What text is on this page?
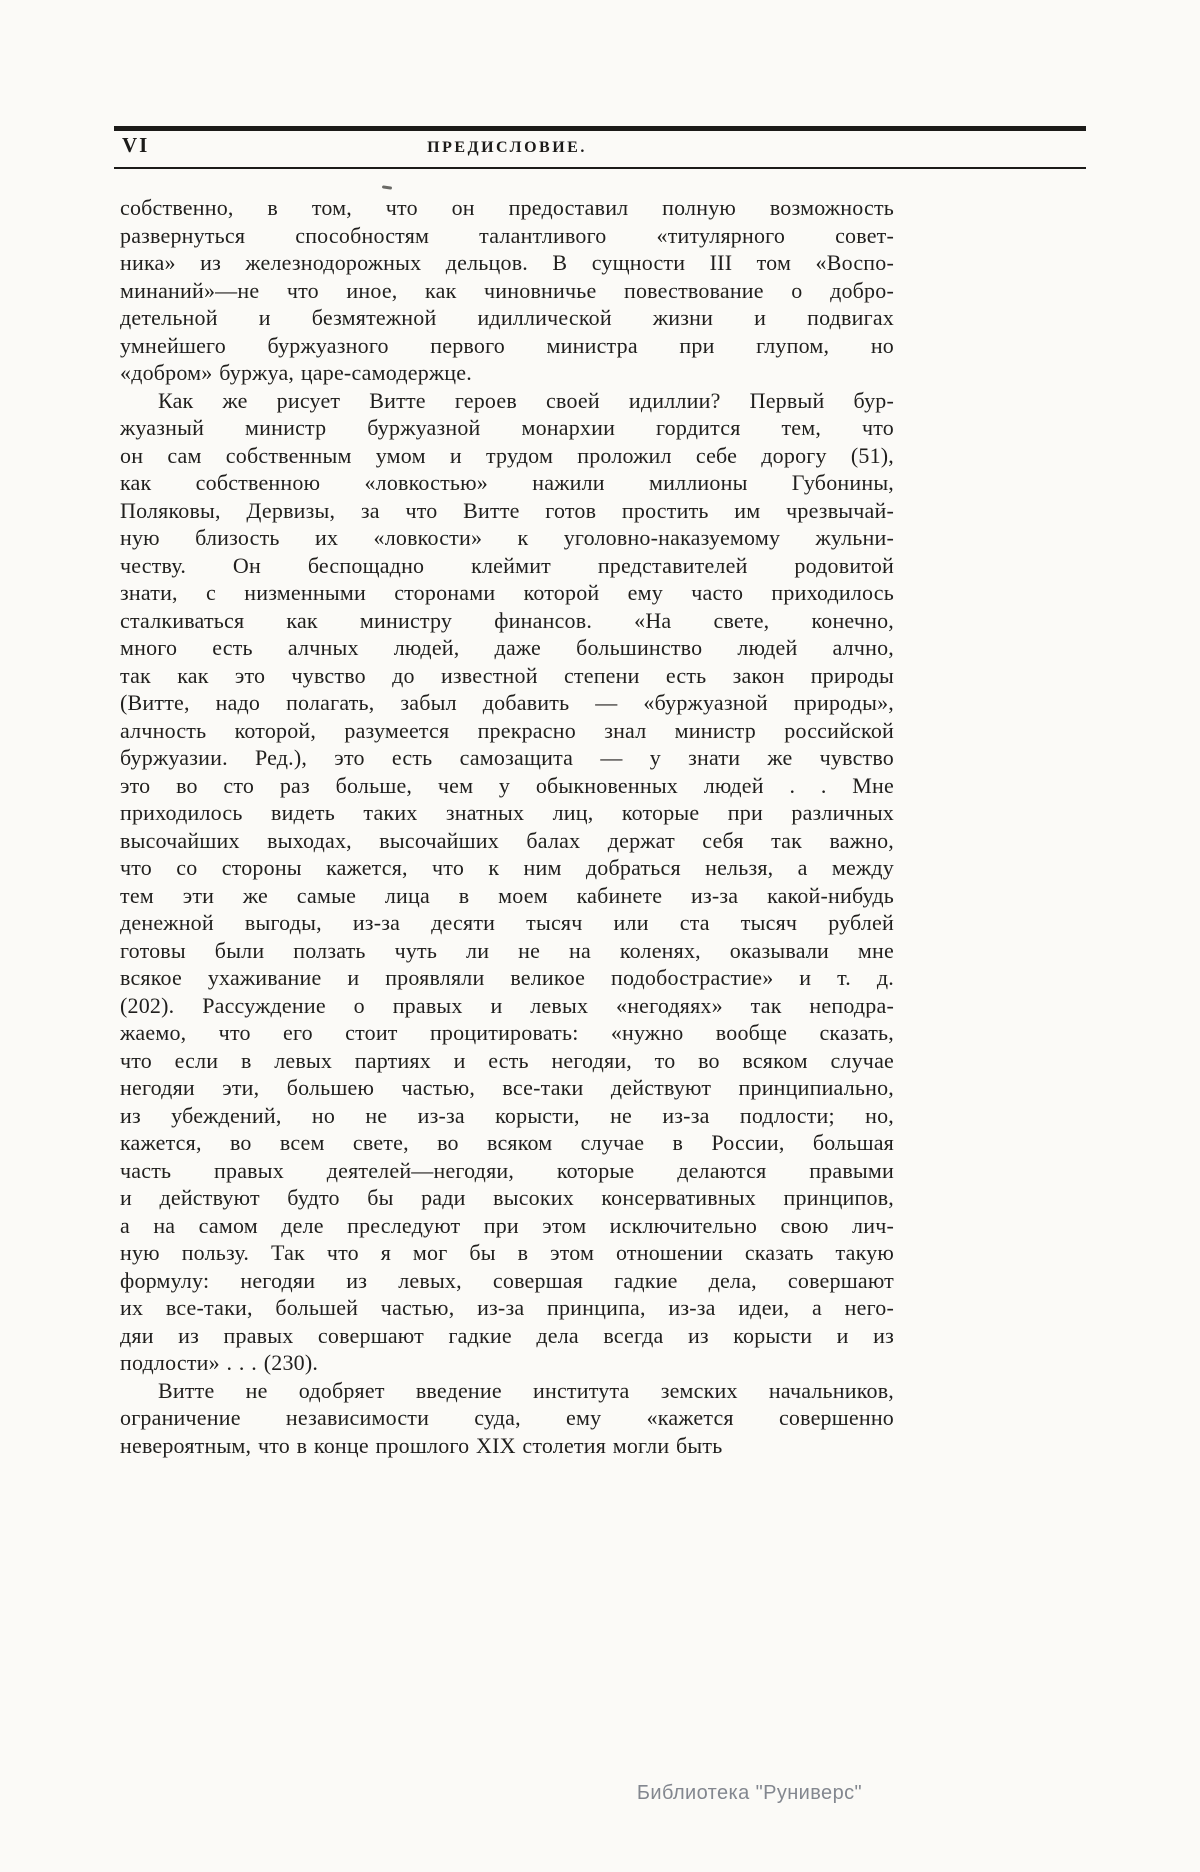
VI	ПРЕДИСЛОВИЕ.
собственно, в том, что он предоставил полную возможность
развернуться способностям талантливого «титулярного совет-
ника» из железнодорожных дельцов. В сущности III том «Воспо-
минаний»—не что иное, как чиновничье повествование о добро-
детельной и безмятежной идиллической жизни и подвигах
умнейшего буржуазного первого министра при глупом, но
«добром» буржуа, царе-самодержце.
Как же рисует Витте героев своей идиллии? Первый бур-
жуазный министр буржуазной монархии гордится тем, что
он сам собственным умом и трудом проложил себе дорогу (51),
как собственною «ловкостью» нажили миллионы Губонины,
Поляковы, Дервизы, за что Витте готов простить им чрезвычай-
ную близость их «ловкости» к уголовно-наказуемому жульни-
честву. Он беспощадно клеймит представителей родовитой
знати, с низменными сторонами которой ему часто приходилось
сталкиваться как министру финансов. «На свете, конечно,
много есть алчных людей, даже большинство людей алчно,
так как это чувство до известной степени есть закон природы
(Витте, надо полагать, забыл добавить — «буржуазной природы»,
алчность которой, разумеется прекрасно знал министр российской
буржуазии. Ред.), это есть самозащита — у знати же чувство
это во сто раз больше, чем у обыкновенных людей . . Мне
приходилось видеть таких знатных лиц, которые при различных
высочайших выходах, высочайших балах держат себя так важно,
что со стороны кажется, что к ним добраться нельзя, а между
тем эти же самые лица в моем кабинете из-за какой-нибудь
денежной выгоды, из-за десяти тысяч или ста тысяч рублей
готовы были ползать чуть ли не на коленях, оказывали мне
всякое ухаживание и проявляли великое подобострастие» и т. д.
(202). Рассуждение о правых и левых «негодяях» так неподра-
жаемо, что его стоит процитировать: «нужно вообще сказать,
что если в левых партиях и есть негодяи, то во всяком случае
негодяи эти, большею частью, все-таки действуют принципиально,
из убеждений, но не из-за корысти, не из-за подлости; но,
кажется, во всем свете, во всяком случае в России, большая
часть правых деятелей—негодяи, которые делаются правыми
и действуют будто бы ради высоких консервативных принципов,
а на самом деле преследуют при этом исключительно свою лич-
ную пользу. Так что я мог бы в этом отношении сказать такую
формулу: негодяи из левых, совершая гадкие дела, совершают
их все-таки, большей частью, из-за принципа, из-за идеи, а него-
дяи из правых совершают гадкие дела всегда из корысти и из
подлости» . . . (230).
Витте не одобряет введение института земских начальников,
ограничение независимости суда, ему «кажется совершенно
невероятным, что в конце прошлого XIX столетия могли быть
Библиотека "Руниверс"
